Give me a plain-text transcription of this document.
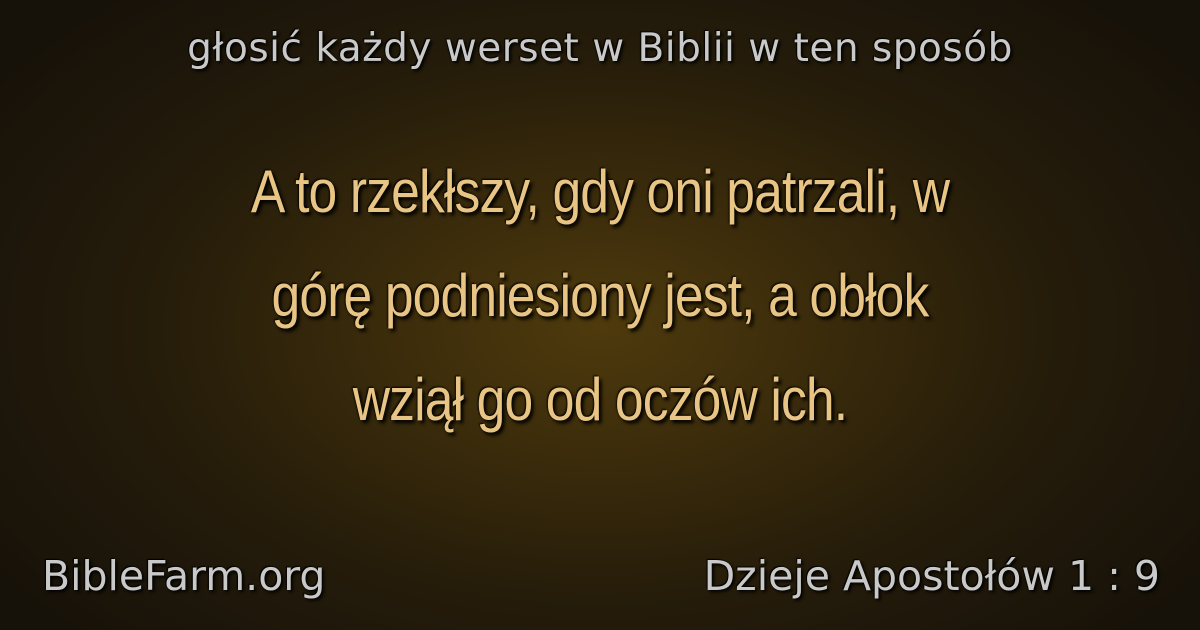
głosić każdy werset w Biblii w ten sposób
A to rzekłszy, gdy oni patrzali, w
górę podniesiony jest, a obłok
wziął go od oczów ich.
BibleFarm.org	Dzieje Apostołów 1 : 9
